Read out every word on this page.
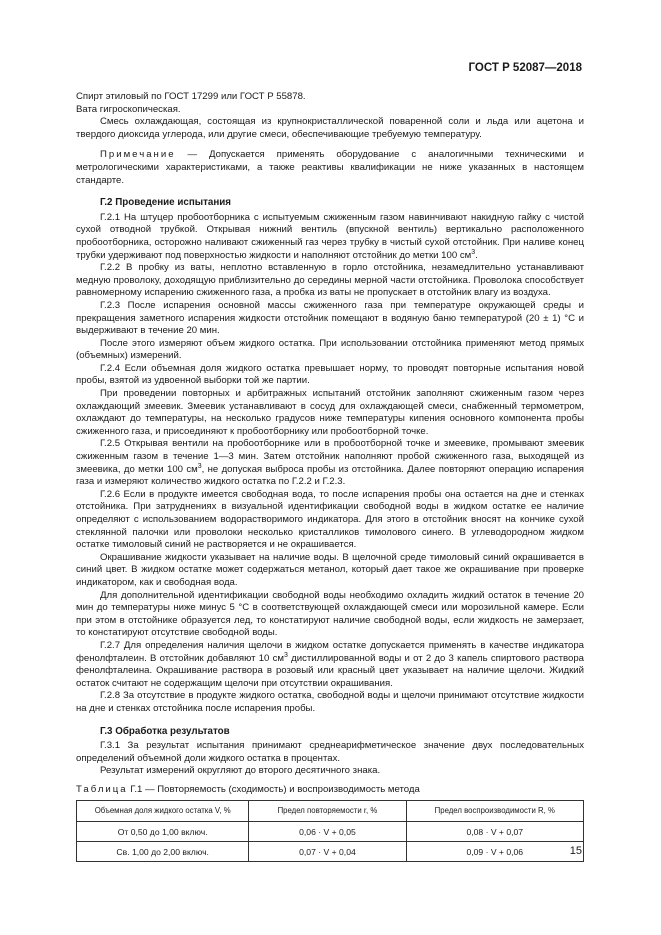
ГОСТ Р 52087—2018

Спирт этиловый по ГОСТ 17299 или ГОСТ Р 55878.

Вата гигроскопическая.

Смесь охлаждающая, состоящая из крупнокристаллической поваренной соли и льда или ацетона и твердого диоксида углерода, или другие смеси, обеспечивающие требуемую температуру.

Примечание — Допускается применять оборудование с аналогичными техническими и метрологическими характеристиками, а также реактивы квалификации не ниже указанных в настоящем стандарте.

Г.2 Проведение испытания

Г.2.1 На штуцер пробоотборника с испытуемым сжиженным газом навинчивают накидную гайку с чистой сухой отводной трубкой. Открывая нижний вентиль (впускной вентиль) вертикально расположенного пробоотборника, осторожно наливают сжиженный газ через трубку в чистый сухой отстойник. При наливе конец трубки удерживают под поверхностью жидкости и наполняют отстойник до метки 100 $см^3$.

Г.2.2 В пробку из ваты, неплотно вставленную в горло отстойника, незамедлительно устанавливают медную проволоку, доходящую приблизительно до середины мерной части отстойника. Проволока способствует равномерному испарению сжиженного газа, а пробка из ваты не пропускает в отстойник влагу из воздуха.

Г.2.3 После испарения основной массы сжиженного газа при температуре окружающей среды и прекращения заметного испарения жидкости отстойник помещают в водяную баню температурой (20 ± 1) °С и выдерживают в течение 20 мин.

После этого измеряют объем жидкого остатка. При использовании отстойника применяют метод прямых (объемных) измерений.

Г.2.4 Если объемная доля жидкого остатка превышает норму, то проводят повторные испытания новой пробы, взятой из удвоенной выборки той же партии.

При проведении повторных и арбитражных испытаний отстойник заполняют сжиженным газом через охлаждающий змеевик. Змеевик устанавливают в сосуд для охлаждающей смеси, снабженный термометром, охлаждают до температуры, на несколько градусов ниже температуры кипения основного компонента пробы сжиженного газа, и присоединяют к пробоотборнику или пробоотборной точке.

Г.2.5 Открывая вентили на пробоотборнике или в пробоотборной точке и змеевике, промывают змеевик сжиженным газом в течение 1—3 мин. Затем отстойник наполняют пробой сжиженного газа, выходящей из змеевика, до метки 100 $см^3$, не допуская выброса пробы из отстойника. Далее повторяют операцию испарения газа и измеряют количество жидкого остатка по Г.2.2 и Г.2.3.

Г.2.6 Если в продукте имеется свободная вода, то после испарения пробы она остается на дне и стенках отстойника. При затруднениях в визуальной идентификации свободной воды в жидком остатке ее наличие определяют с использованием водорастворимого индикатора. Для этого в отстойник вносят на кончике сухой стеклянной палочки или проволоки несколько кристалликов тимолового синего. В углеводородном жидком остатке тимоловый синий не растворяется и не окрашивается.

Окрашивание жидкости указывает на наличие воды. В щелочной среде тимоловый синий окрашивается в синий цвет. В жидком остатке может содержаться метанол, который дает такое же окрашивание при проверке индикатором, как и свободная вода.

Для дополнительной идентификации свободной воды необходимо охладить жидкий остаток в течение 20 мин до температуры ниже минус 5 °С в соответствующей охлаждающей смеси или морозильной камере. Если при этом в отстойнике образуется лед, то констатируют наличие свободной воды, если жидкость не замерзает, то констатируют отсутствие свободной воды.

Г.2.7 Для определения наличия щелочи в жидком остатке допускается применять в качестве индикатора фенолфталеин. В отстойник добавляют 10 $см^3$ дистиллированной воды и от 2 до 3 капель спиртового раствора фенолфталеина. Окрашивание раствора в розовый или красный цвет указывает на наличие щелочи. Жидкий остаток считают не содержащим щелочи при отсутствии окрашивания.

Г.2.8 За отсутствие в продукте жидкого остатка, свободной воды и щелочи принимают отсутствие жидкости на дне и стенках отстойника после испарения пробы.

Г.3 Обработка результатов

Г.3.1 За результат испытания принимают среднеарифметическое значение двух последовательных определений объемной доли жидкого остатка в процентах.

Результат измерений округляют до второго десятичного знака.

Таблица Г.1 — Повторяемость (сходимость) и воспроизводимость метода
Объемная доля жидкого остатка V, %	Предел повторяемости r, %	Предел воспроизводимости R, %
От 0,50 до 1,00 включ.	0,06 · V + 0,05	0,08 · V + 0,07
Св. 1,00 до 2,00 включ.	0,07 · V + 0,04	0,09 · V + 0,06	15
